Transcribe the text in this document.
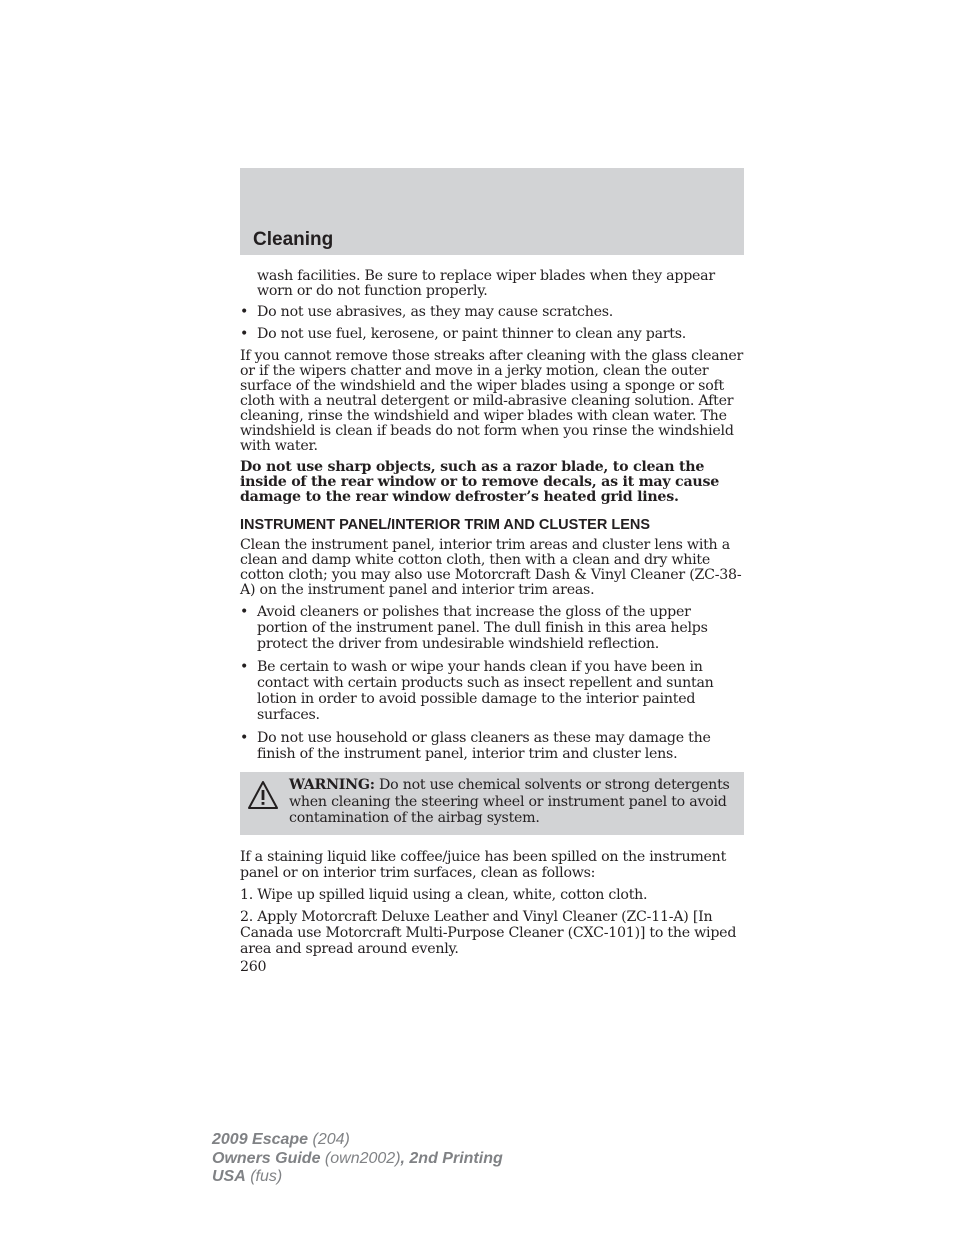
Cleaning

wash facilities. Be sure to replace wiper blades when they appear worn or do not function properly.

• Do not use abrasives, as they may cause scratches.
• Do not use fuel, kerosene, or paint thinner to clean any parts.

If you cannot remove those streaks after cleaning with the glass cleaner or if the wipers chatter and move in a jerky motion, clean the outer surface of the windshield and the wiper blades using a sponge or soft cloth with a neutral detergent or mild-abrasive cleaning solution. After cleaning, rinse the windshield and wiper blades with clean water. The windshield is clean if beads do not form when you rinse the windshield with water.

Do not use sharp objects, such as a razor blade, to clean the inside of the rear window or to remove decals, as it may cause damage to the rear window defroster’s heated grid lines.

INSTRUMENT PANEL/INTERIOR TRIM AND CLUSTER LENS

Clean the instrument panel, interior trim areas and cluster lens with a clean and damp white cotton cloth, then with a clean and dry white cotton cloth; you may also use Motorcraft Dash & Vinyl Cleaner (ZC-38-A) on the instrument panel and interior trim areas.

• Avoid cleaners or polishes that increase the gloss of the upper portion of the instrument panel. The dull finish in this area helps protect the driver from undesirable windshield reflection.
• Be certain to wash or wipe your hands clean if you have been in contact with certain products such as insect repellent and suntan lotion in order to avoid possible damage to the interior painted surfaces.
• Do not use household or glass cleaners as these may damage the finish of the instrument panel, interior trim and cluster lens.
WARNING: Do not use chemical solvents or strong detergents when cleaning the steering wheel or instrument panel to avoid contamination of the airbag system.

If a staining liquid like coffee/juice has been spilled on the instrument panel or on interior trim surfaces, clean as follows:

1. Wipe up spilled liquid using a clean, white, cotton cloth.

2. Apply Motorcraft Deluxe Leather and Vinyl Cleaner (ZC-11-A) [In Canada use Motorcraft Multi-Purpose Cleaner (CXC-101)] to the wiped area and spread around evenly.

260
2009 Escape (204)
Owners Guide (own2002), 2nd Printing
USA (fus)
